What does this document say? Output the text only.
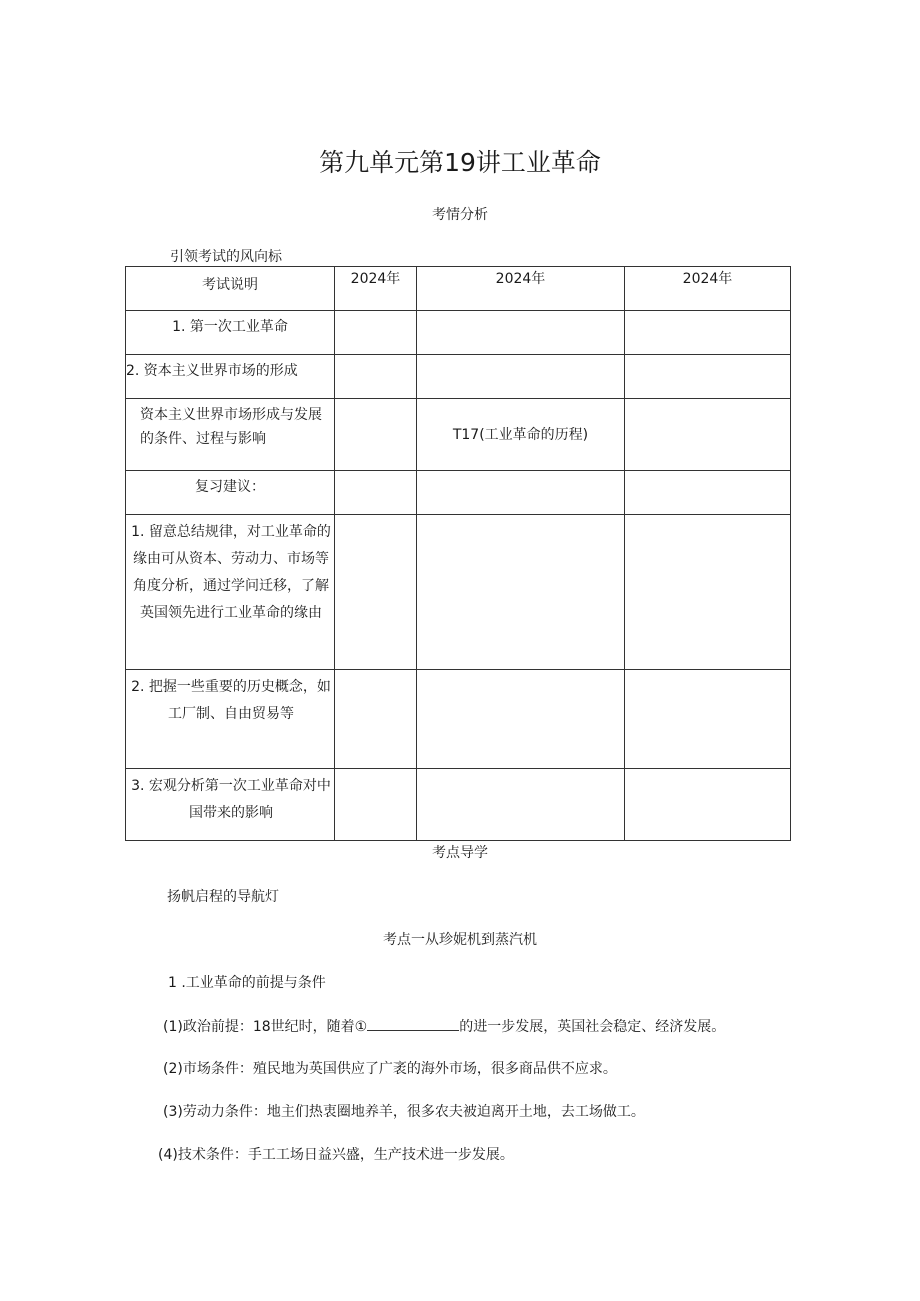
第九单元第19讲工业革命
考情分析
引领考试的风向标
考试说明	2024年	2024年	2024年
1. 第一次工业革命			
2. 资本主义世界市场的形成			
资本主义世界市场形成与发展的条件、过程与影响		T17(工业革命的历程)	
复习建议：			
1. 留意总结规律，对工业革命的缘由可从资本、劳动力、市场等角度分析，通过学问迁移，了解英国领先进行工业革命的缘由			
2. 把握一些重要的历史概念，如工厂制、自由贸易等			
3. 宏观分析第一次工业革命对中国带来的影响			
考点导学
扬帆启程的导航灯
考点一从珍妮机到蒸汽机
1 .工业革命的前提与条件
(1)政治前提：18世纪时，随着①	的进一步发展，英国社会稳定、经济发展。
(2)市场条件：殖民地为英国供应了广袤的海外市场，很多商品供不应求。
(3)劳动力条件：地主们热衷圈地养羊，很多农夫被迫离开土地，去工场做工。
(4)技术条件：手工工场日益兴盛，生产技术进一步发展。
